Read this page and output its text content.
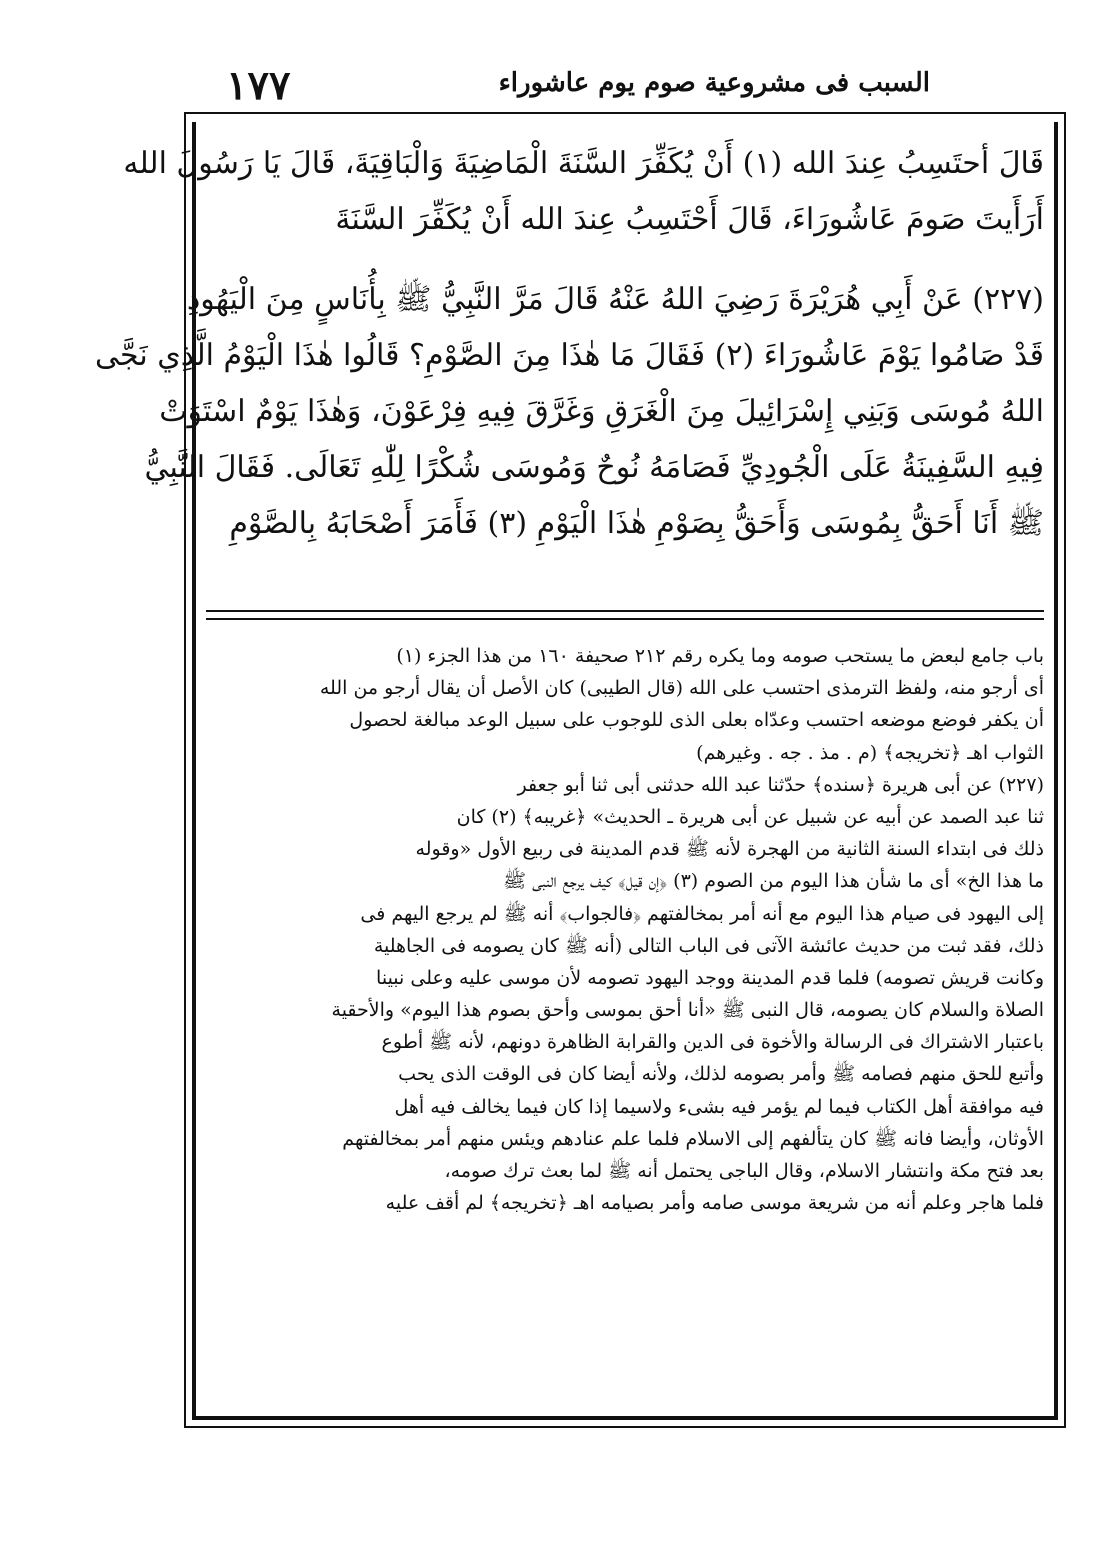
١٧٧	السبب فى مشروعية صوم يوم عاشوراء

قَالَ أحتَسِبُ عِندَ الله (١) أَنْ يُكَفِّرَ السَّنَةَ الْمَاضِيَةَ وَالْبَاقِيَةَ، قَالَ يَا رَسُولَ الله

أَرَأَيتَ صَومَ عَاشُورَاءَ، قَالَ أَحْتَسِبُ عِندَ الله أَنْ يُكَفِّرَ السَّنَةَ

(٢٢٧) عَنْ أَبِي هُرَيْرَةَ رَضِيَ اللهُ عَنْهُ قَالَ مَرَّ النَّبِيُّ ﷺ بِأُنَاسٍ مِنَ الْيَهُودِ

قَدْ صَامُوا يَوْمَ عَاشُورَاءَ (٢) فَقَالَ مَا هٰذَا مِنَ الصَّوْمِ؟ قَالُوا هٰذَا الْيَوْمُ الَّذِي نَجَّى

اللهُ مُوسَى وَبَنِي إِسْرَائِيلَ مِنَ الْغَرَقِ وَغَرَّقَ فِيهِ فِرْعَوْنَ، وَهٰذَا يَوْمٌ اسْتَوَتْ

فِيهِ السَّفِينَةُ عَلَى الْجُودِيِّ فَصَامَهُ نُوحٌ وَمُوسَى شُكْرًا لِلّٰهِ تَعَالَى. فَقَالَ النَّبِيُّ

ﷺ أَنَا أَحَقُّ بِمُوسَى وَأَحَقُّ بِصَوْمِ هٰذَا الْيَوْمِ (٣) فَأَمَرَ أَصْحَابَهُ بِالصَّوْمِ

باب جامع لبعض ما يستحب صومه وما يكره رقم ٢١٢ صحيفة ١٦٠ من هذا الجزء (١)

أى أرجو منه، ولفظ الترمذى احتسب على الله (قال الطيبى) كان الأصل أن يقال أرجو من الله

أن يكفر فوضع موضعه احتسب وعدّاه بعلى الذى للوجوب على سبيل الوعد مبالغة لحصول

الثواب اهـ ﴿تخريجه﴾ (م . مذ . جه . وغيرهم)

(٢٢٧) عن أبى هريرة ﴿سنده﴾ حدّثنا عبد الله حدثنى أبى ثنا أبو جعفر

ثنا عبد الصمد عن أبيه عن شبيل عن أبى هريرة ـ الحديث» ﴿غريبه﴾ (٢) كان

ذلك فى ابتداء السنة الثانية من الهجرة لأنه ﷺ قدم المدينة فى ربيع الأول «وقوله

ما هذا الخ» أى ما شأن هذا اليوم من الصوم (٣) ﴿إن قيل﴾ كيف يرجع النبى ﷺ

إلى اليهود فى صيام هذا اليوم مع أنه أمر بمخالفتهم ﴿فالجواب﴾ أنه ﷺ لم يرجع اليهم فى

ذلك، فقد ثبت من حديث عائشة الآتى فى الباب التالى (أنه ﷺ كان يصومه فى الجاهلية

وكانت قريش تصومه) فلما قدم المدينة ووجد اليهود تصومه لأن موسى عليه وعلى نبينا

الصلاة والسلام كان يصومه، قال النبى ﷺ «أنا أحق بموسى وأحق بصوم هذا اليوم» والأحقية

باعتبار الاشتراك فى الرسالة والأخوة فى الدين والقرابة الظاهرة دونهم، لأنه ﷺ أطوع

وأتبع للحق منهم فصامه ﷺ وأمر بصومه لذلك، ولأنه أيضا كان فى الوقت الذى يحب

فيه موافقة أهل الكتاب فيما لم يؤمر فيه بشىء ولاسيما إذا كان فيما يخالف فيه أهل

الأوثان، وأيضا فانه ﷺ كان يتألفهم إلى الاسلام فلما علم عنادهم ويئس منهم أمر بمخالفتهم

بعد فتح مكة وانتشار الاسلام، وقال الباجى يحتمل أنه ﷺ لما بعث ترك صومه،

فلما هاجر وعلم أنه من شريعة موسى صامه وأمر بصيامه اهـ ﴿تخريجه﴾ لم أقف عليه
